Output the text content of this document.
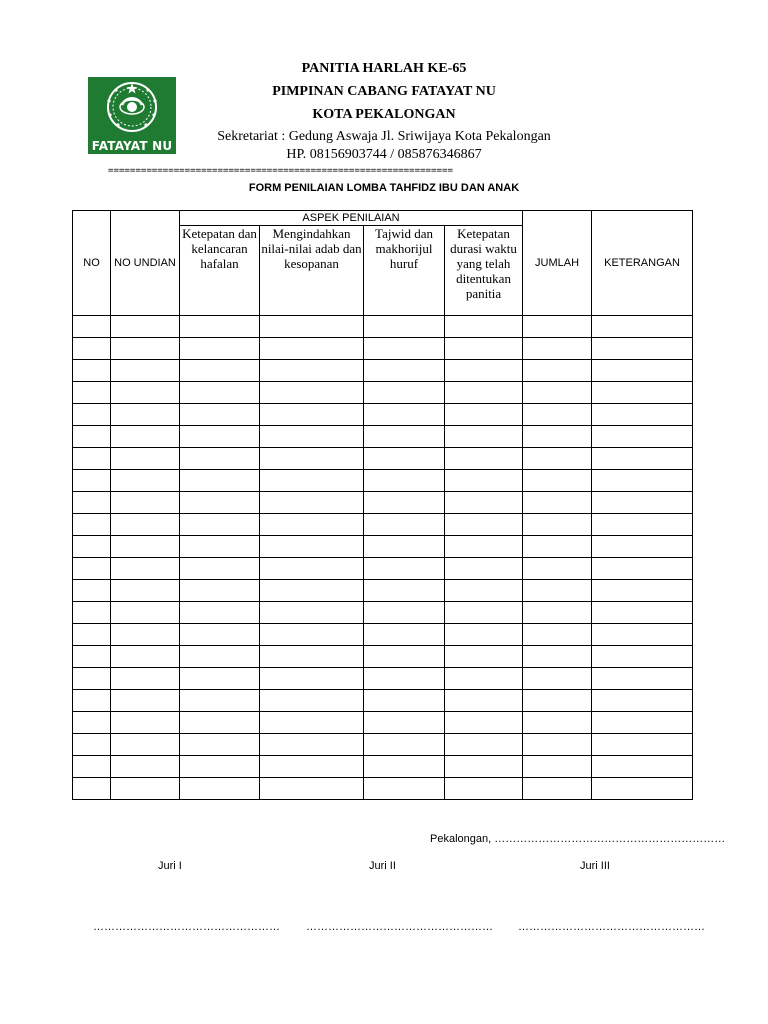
FATAYAT NU
PANITIA HARLAH KE-65
PIMPINAN CABANG FATAYAT NU
KOTA PEKALONGAN
Sekretariat : Gedung Aswaja Jl. Sriwijaya Kota Pekalongan
HP. 08156903744 / 085876346867
===============================================================
FORM PENILAIAN LOMBA TAHFIDZ IBU DAN ANAK
NO	NO UNDIAN	ASPEK PENILAIAN				JUMLAH	KETERANGAN
		Ketepatan dan kelancaran hafalan	Mengindahkan nilai-nilai adab dan kesopanan	Tajwid dan makhorijul huruf	Ketepatan durasi waktu yang telah ditentukan panitia		

Pekalongan, ………………………………………………………
Juri I	Juri II	Juri III
…………………………………………… …………………………………………… ……………………………………………
